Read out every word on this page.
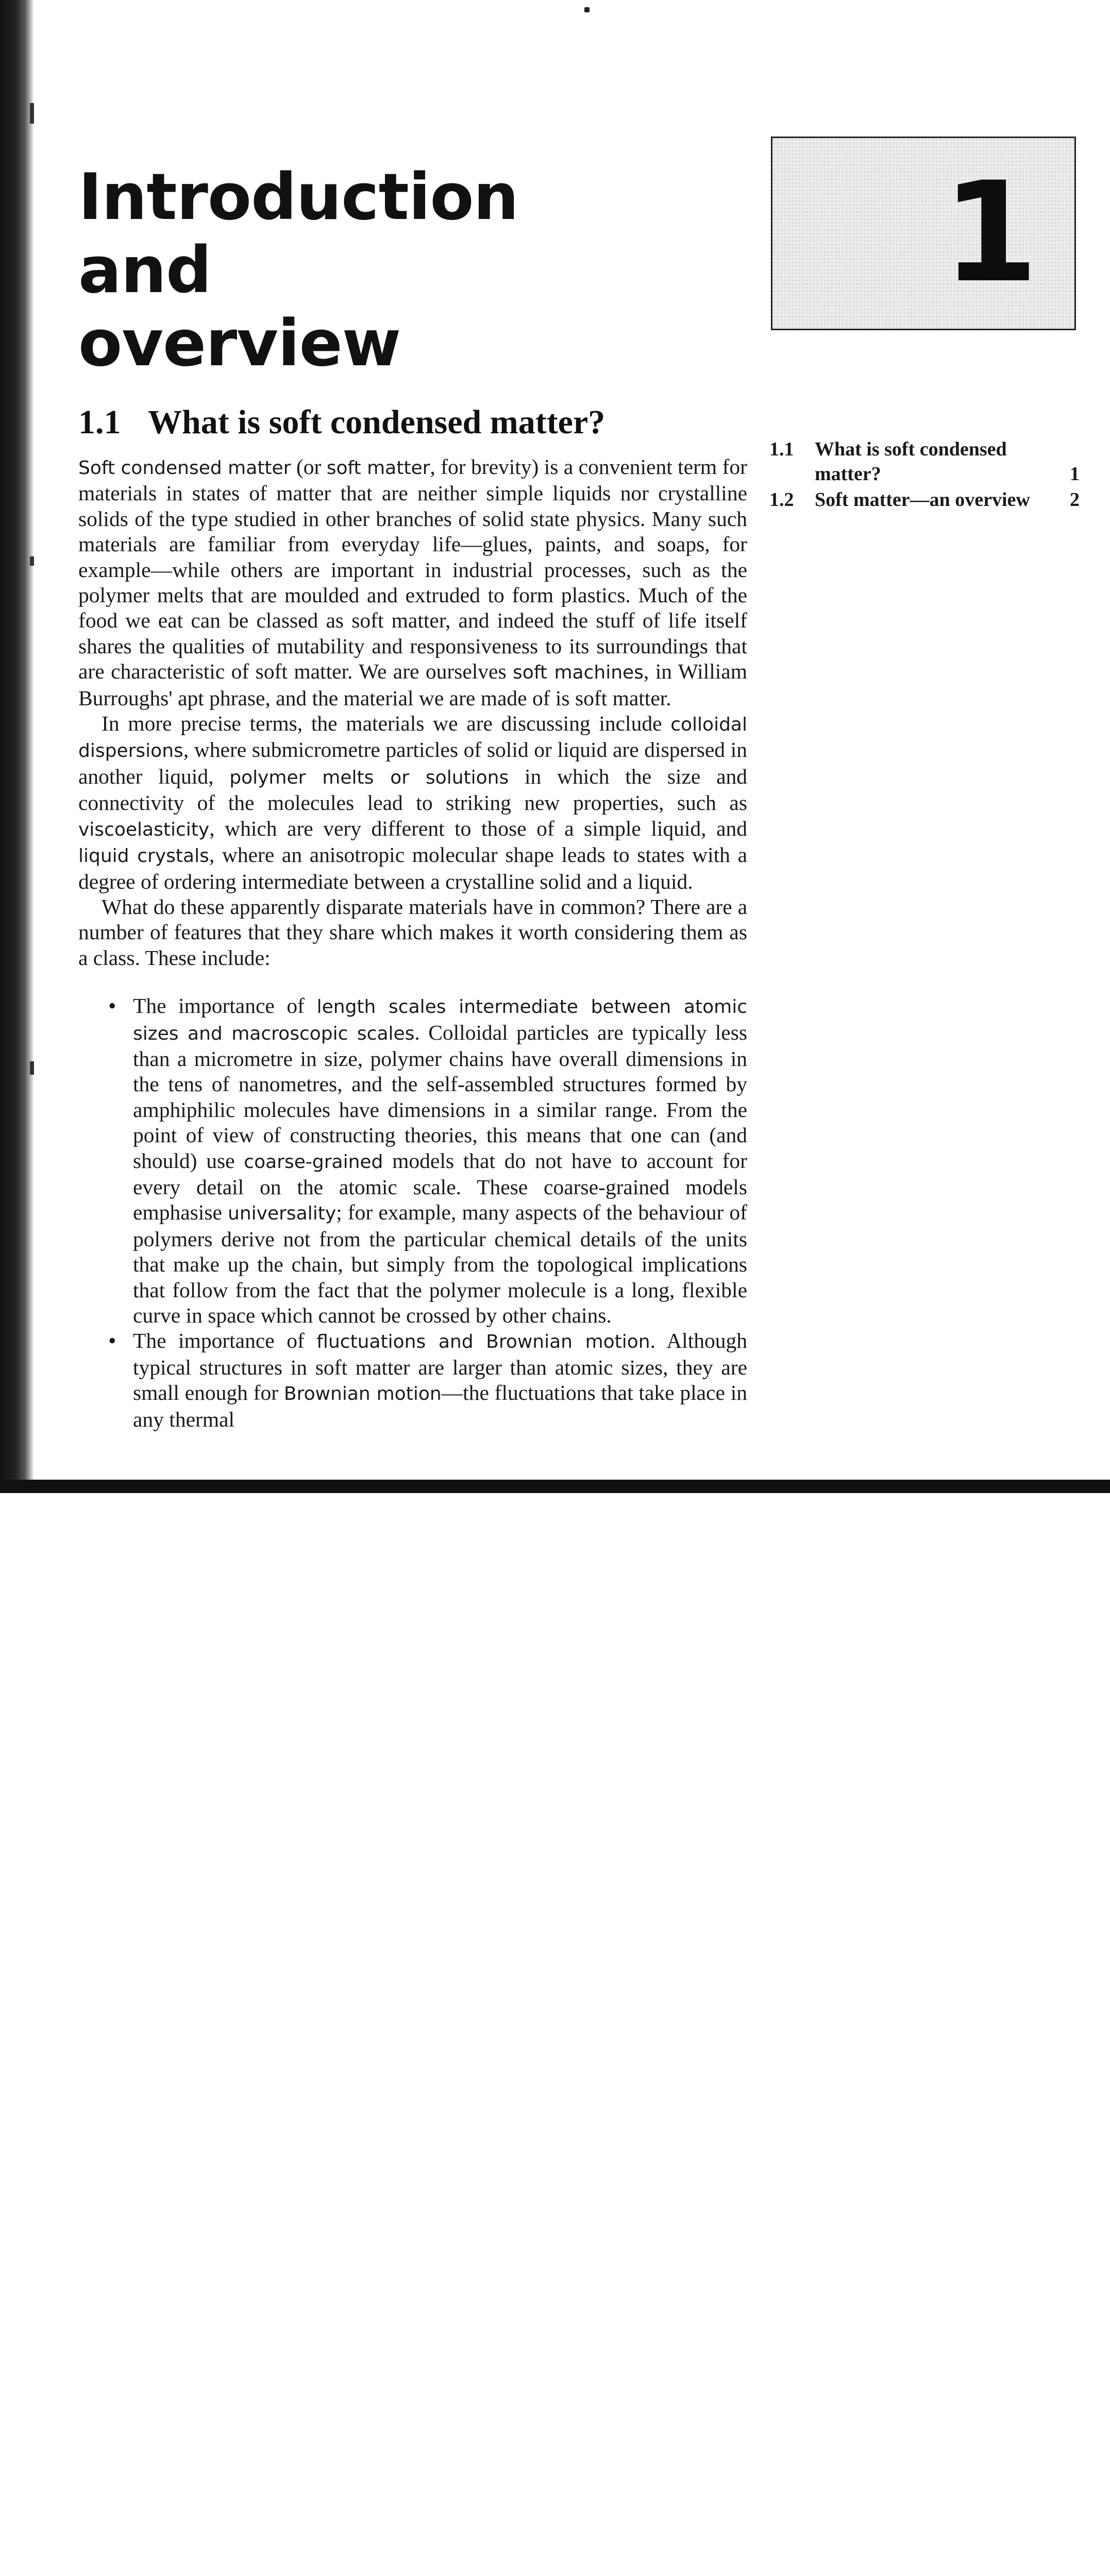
Introduction and
overview
1
1.1 What is soft condensed matter?
1.1	What is soft condensed matter?	1
1.2	Soft matter—an overview	2

Soft condensed matter (or soft matter, for brevity) is a convenient term for materials in states of matter that are neither simple liquids nor crystalline solids of the type studied in other branches of solid state physics. Many such materials are familiar from everyday life—glues, paints, and soaps, for example—while others are important in industrial processes, such as the polymer melts that are moulded and extruded to form plastics. Much of the food we eat can be classed as soft matter, and indeed the stuff of life itself shares the qualities of mutability and responsiveness to its surroundings that are characteristic of soft matter. We are ourselves soft machines, in William Burroughs' apt phrase, and the material we are made of is soft matter.

In more precise terms, the materials we are discussing include colloidal dispersions, where submicrometre particles of solid or liquid are dispersed in another liquid, polymer melts or solutions in which the size and connectivity of the molecules lead to striking new properties, such as viscoelasticity, which are very different to those of a simple liquid, and liquid crystals, where an anisotropic molecular shape leads to states with a degree of ordering intermediate between a crystalline solid and a liquid.

What do these apparently disparate materials have in common? There are a number of features that they share which makes it worth considering them as a class. These include:

• The importance of length scales intermediate between atomic sizes and macroscopic scales. Colloidal particles are typically less than a micrometre in size, polymer chains have overall dimensions in the tens of nanometres, and the self-assembled structures formed by amphiphilic molecules have dimensions in a similar range. From the point of view of constructing theories, this means that one can (and should) use coarse-grained models that do not have to account for every detail on the atomic scale. These coarse-grained models emphasise universality; for example, many aspects of the behaviour of polymers derive not from the particular chemical details of the units that make up the chain, but simply from the topological implications that follow from the fact that the polymer molecule is a long, flexible curve in space which cannot be crossed by other chains.
• The importance of fluctuations and Brownian motion. Although typical structures in soft matter are larger than atomic sizes, they are small enough for Brownian motion—the fluctuations that take place in any thermal
